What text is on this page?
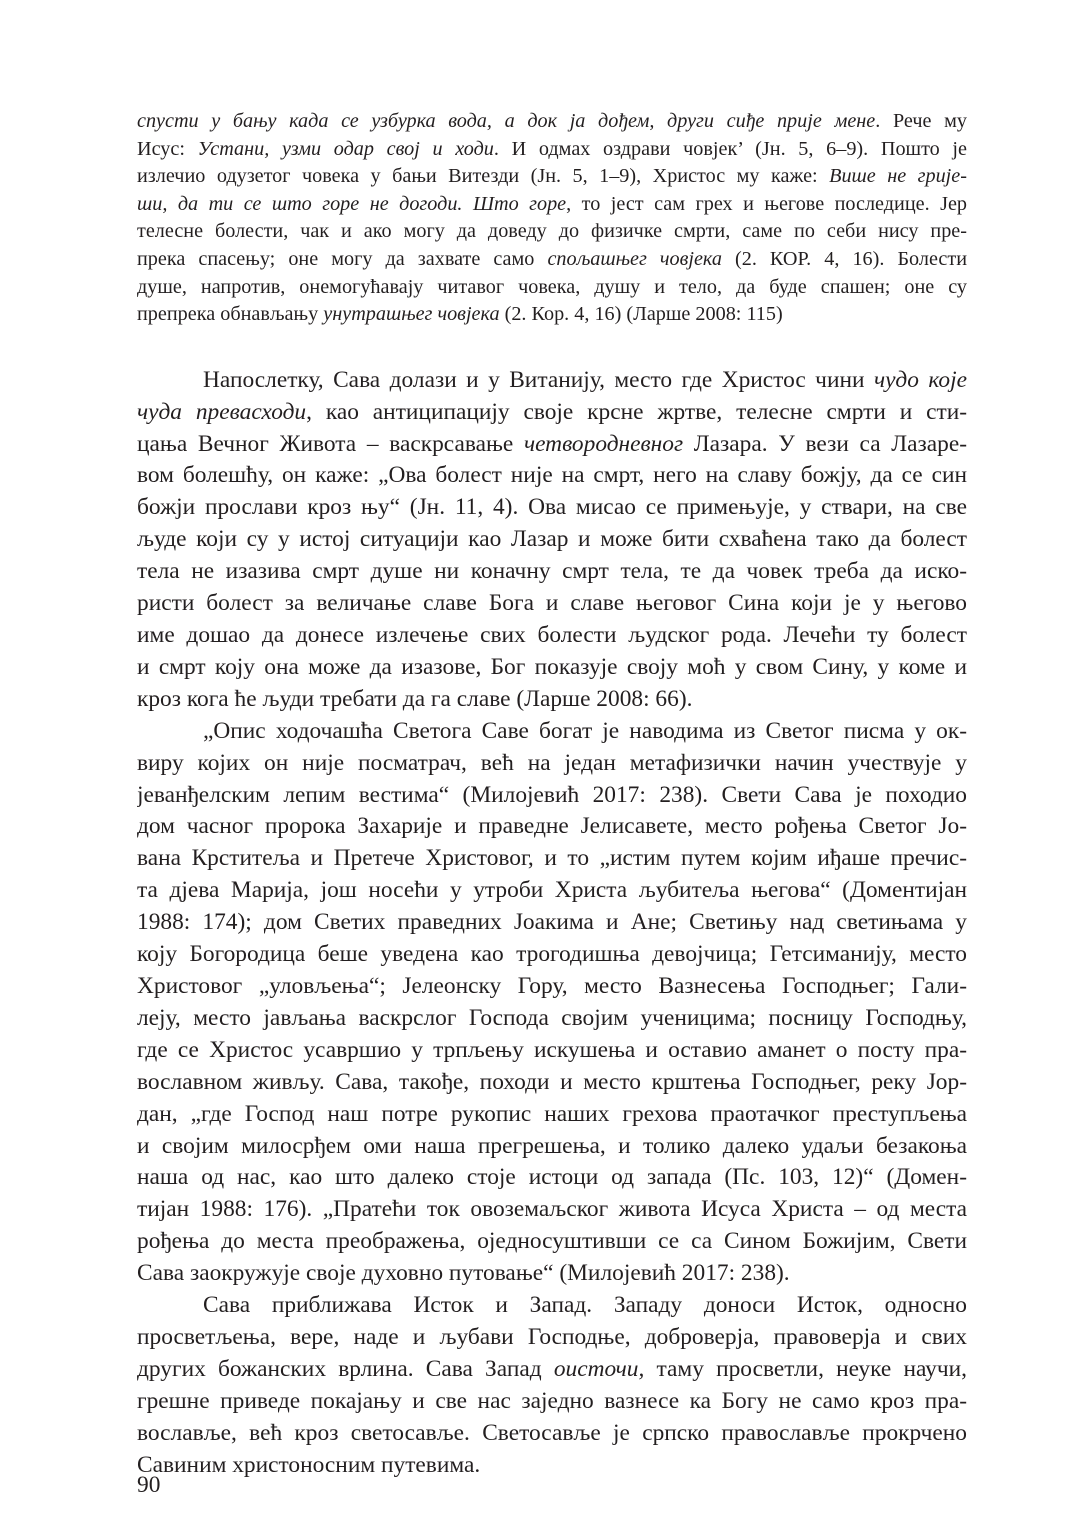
спусти у бању када се узбурка вода, а док ја дођем, други сиђе прије мене. Рече му
Исус: Устани, узми одар свој и ходи. И одмах оздрави човјек’ (Јн. 5, 6–9). Пошто је
излечио одузетог човека у бањи Витезди (Јн. 5, 1–9), Христос му каже: Више не грије-
ши, да ти се што горе не догоди. Што горе, то јест сам грех и његове последице. Јер
телесне болести, чак и ако могу да доведу до физичке смрти, саме по себи нису пре-
прека спасењу; оне могу да захвате само спољашњег човјека (2. КОР. 4, 16). Болести
душе, напротив, онемогућавају читавог човека, душу и тело, да буде спашен; оне су
препрека обнављању унутрашњег човјека (2. Кор. 4, 16) (Ларше 2008: 115)

Напослетку, Сава долази и у Витанију, место где Христос чини чудо које
чуда превасходи, као антиципацију своје крсне жртве, телесне смрти и сти-
цања Вечног Живота – васкрсавање четвородневног Лазара. У вези са Лазаре-
вом болешћу, он каже: „Ова болест није на смрт, него на славу божју, да се син
божји прослави кроз њу“ (Јн. 11, 4). Ова мисао се примењује, у ствари, на све
људе који су у истој ситуацији као Лазар и може бити схваћена тако да болест
тела не изазива смрт душе ни коначну смрт тела, те да човек треба да иско-
ристи болест за величање славе Бога и славе његовог Сина који је у његово
име дошао да донесе излечење свих болести људског рода. Лечећи ту болест
и смрт коју она може да изазове, Бог показује своју моћ у свом Сину, у коме и
кроз кога ће људи требати да га славе (Ларше 2008: 66).

„Опис ходочашћа Светога Саве богат је наводима из Светог писма у ок-
виру којих он није посматрач, већ на један метафизички начин учествује у
јеванђелским лепим вестима“ (Милојевић 2017: 238). Свети Сава је походио
дом часног пророка Захарије и праведне Јелисавете, место рођења Светог Јо-
вана Крститеља и Претече Христовог, и то „истим путем којим иђаше пречис-
та дјева Марија, још носећи у утроби Христа љубитеља његова“ (Доментијан
1988: 174); дом Светих праведних Јоакима и Ане; Светињу над светињама у
коју Богородица беше уведена као трогодишња девојчица; Гетсиманију, место
Христовог „уловљења“; Јелеонску Гору, место Вазнесења Господњег; Гали-
леју, место јављања васкрслог Господа својим ученицима; посницу Господњу,
где се Христос усавршио у трпљењу искушења и оставио аманет о посту пра-
вославном живљу. Сава, такође, походи и место крштења Господњег, реку Јор-
дан, „где Господ наш потре рукопис наших грехова праотачког преступљења
и својим милосрђем оми наша прегрешења, и толико далеко удаљи безакоња
наша од нас, као што далеко стоје истоци од запада (Пс. 103, 12)“ (Домен-
тијан 1988: 176). „Пратећи ток овоземаљског живота Исуса Христа – од места
рођења до места преображења, оједносуштивши се са Сином Божијим, Свети
Сава заокружује своје духовно путовање“ (Милојевић 2017: 238).

Сава приближава Исток и Запад. Западу доноси Исток, односно
просветљења, вере, наде и љубави Господње, доброверја, правоверја и свих
других божанских врлина. Сава Запад оисточи, таму просветли, неуке научи,
грешне приведе покајању и све нас заједно вазнесе ка Богу не само кроз пра-
вославље, већ кроз светосавље. Светосавље је српско православље прокрчено
Савиним христоносним путевима.

90
